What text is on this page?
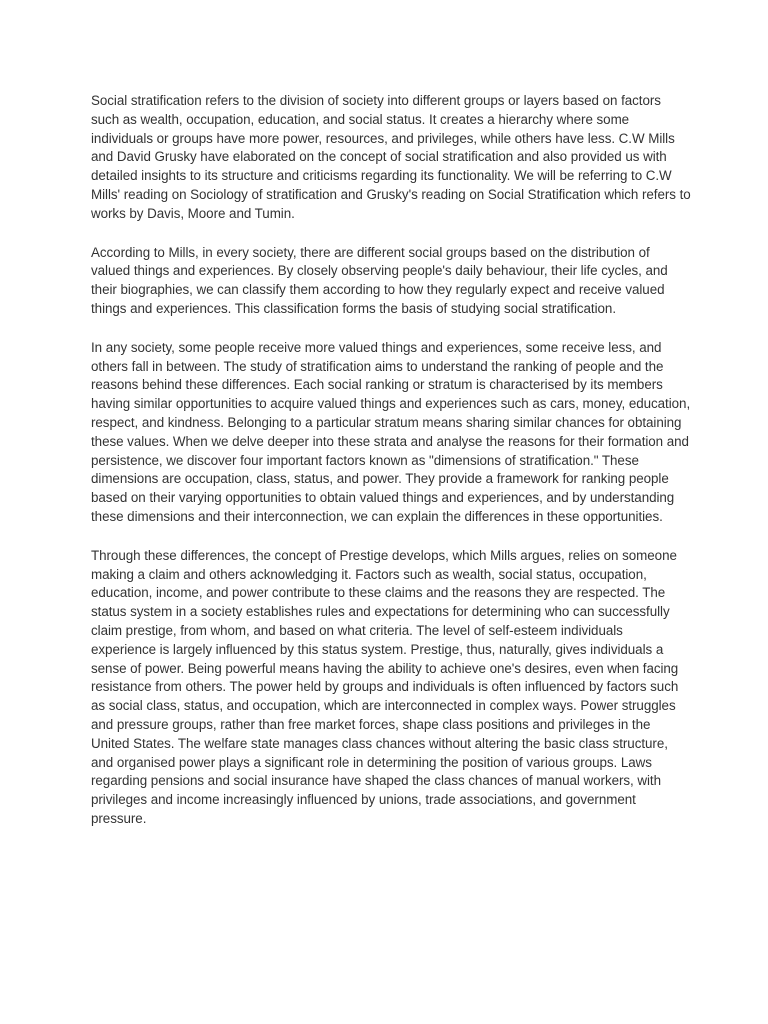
Social stratification refers to the division of society into different groups or layers based on factors such as wealth, occupation, education, and social status. It creates a hierarchy where some individuals or groups have more power, resources, and privileges, while others have less. C.W Mills and David Grusky have elaborated on the concept of social stratification and also provided us with detailed insights to its structure and criticisms regarding its functionality. We will be referring to C.W Mills' reading on Sociology of stratification and Grusky's reading on Social Stratification which refers to works by Davis, Moore and Tumin.

According to Mills, in every society, there are different social groups based on the distribution of valued things and experiences. By closely observing people's daily behaviour, their life cycles, and their biographies, we can classify them according to how they regularly expect and receive valued things and experiences. This classification forms the basis of studying social stratification.

In any society, some people receive more valued things and experiences, some receive less, and others fall in between. The study of stratification aims to understand the ranking of people and the reasons behind these differences. Each social ranking or stratum is characterised by its members having similar opportunities to acquire valued things and experiences such as cars, money, education, respect, and kindness. Belonging to a particular stratum means sharing similar chances for obtaining these values. When we delve deeper into these strata and analyse the reasons for their formation and persistence, we discover four important factors known as "dimensions of stratification." These dimensions are occupation, class, status, and power. They provide a framework for ranking people based on their varying opportunities to obtain valued things and experiences, and by understanding these dimensions and their interconnection, we can explain the differences in these opportunities.

Through these differences, the concept of Prestige develops, which Mills argues, relies on someone making a claim and others acknowledging it. Factors such as wealth, social status, occupation, education, income, and power contribute to these claims and the reasons they are respected. The status system in a society establishes rules and expectations for determining who can successfully claim prestige, from whom, and based on what criteria. The level of self-esteem individuals experience is largely influenced by this status system. Prestige, thus, naturally, gives individuals a sense of power. Being powerful means having the ability to achieve one's desires, even when facing resistance from others. The power held by groups and individuals is often influenced by factors such as social class, status, and occupation, which are interconnected in complex ways. Power struggles and pressure groups, rather than free market forces, shape class positions and privileges in the United States. The welfare state manages class chances without altering the basic class structure, and organised power plays a significant role in determining the position of various groups. Laws regarding pensions and social insurance have shaped the class chances of manual workers, with privileges and income increasingly influenced by unions, trade associations, and government pressure.
